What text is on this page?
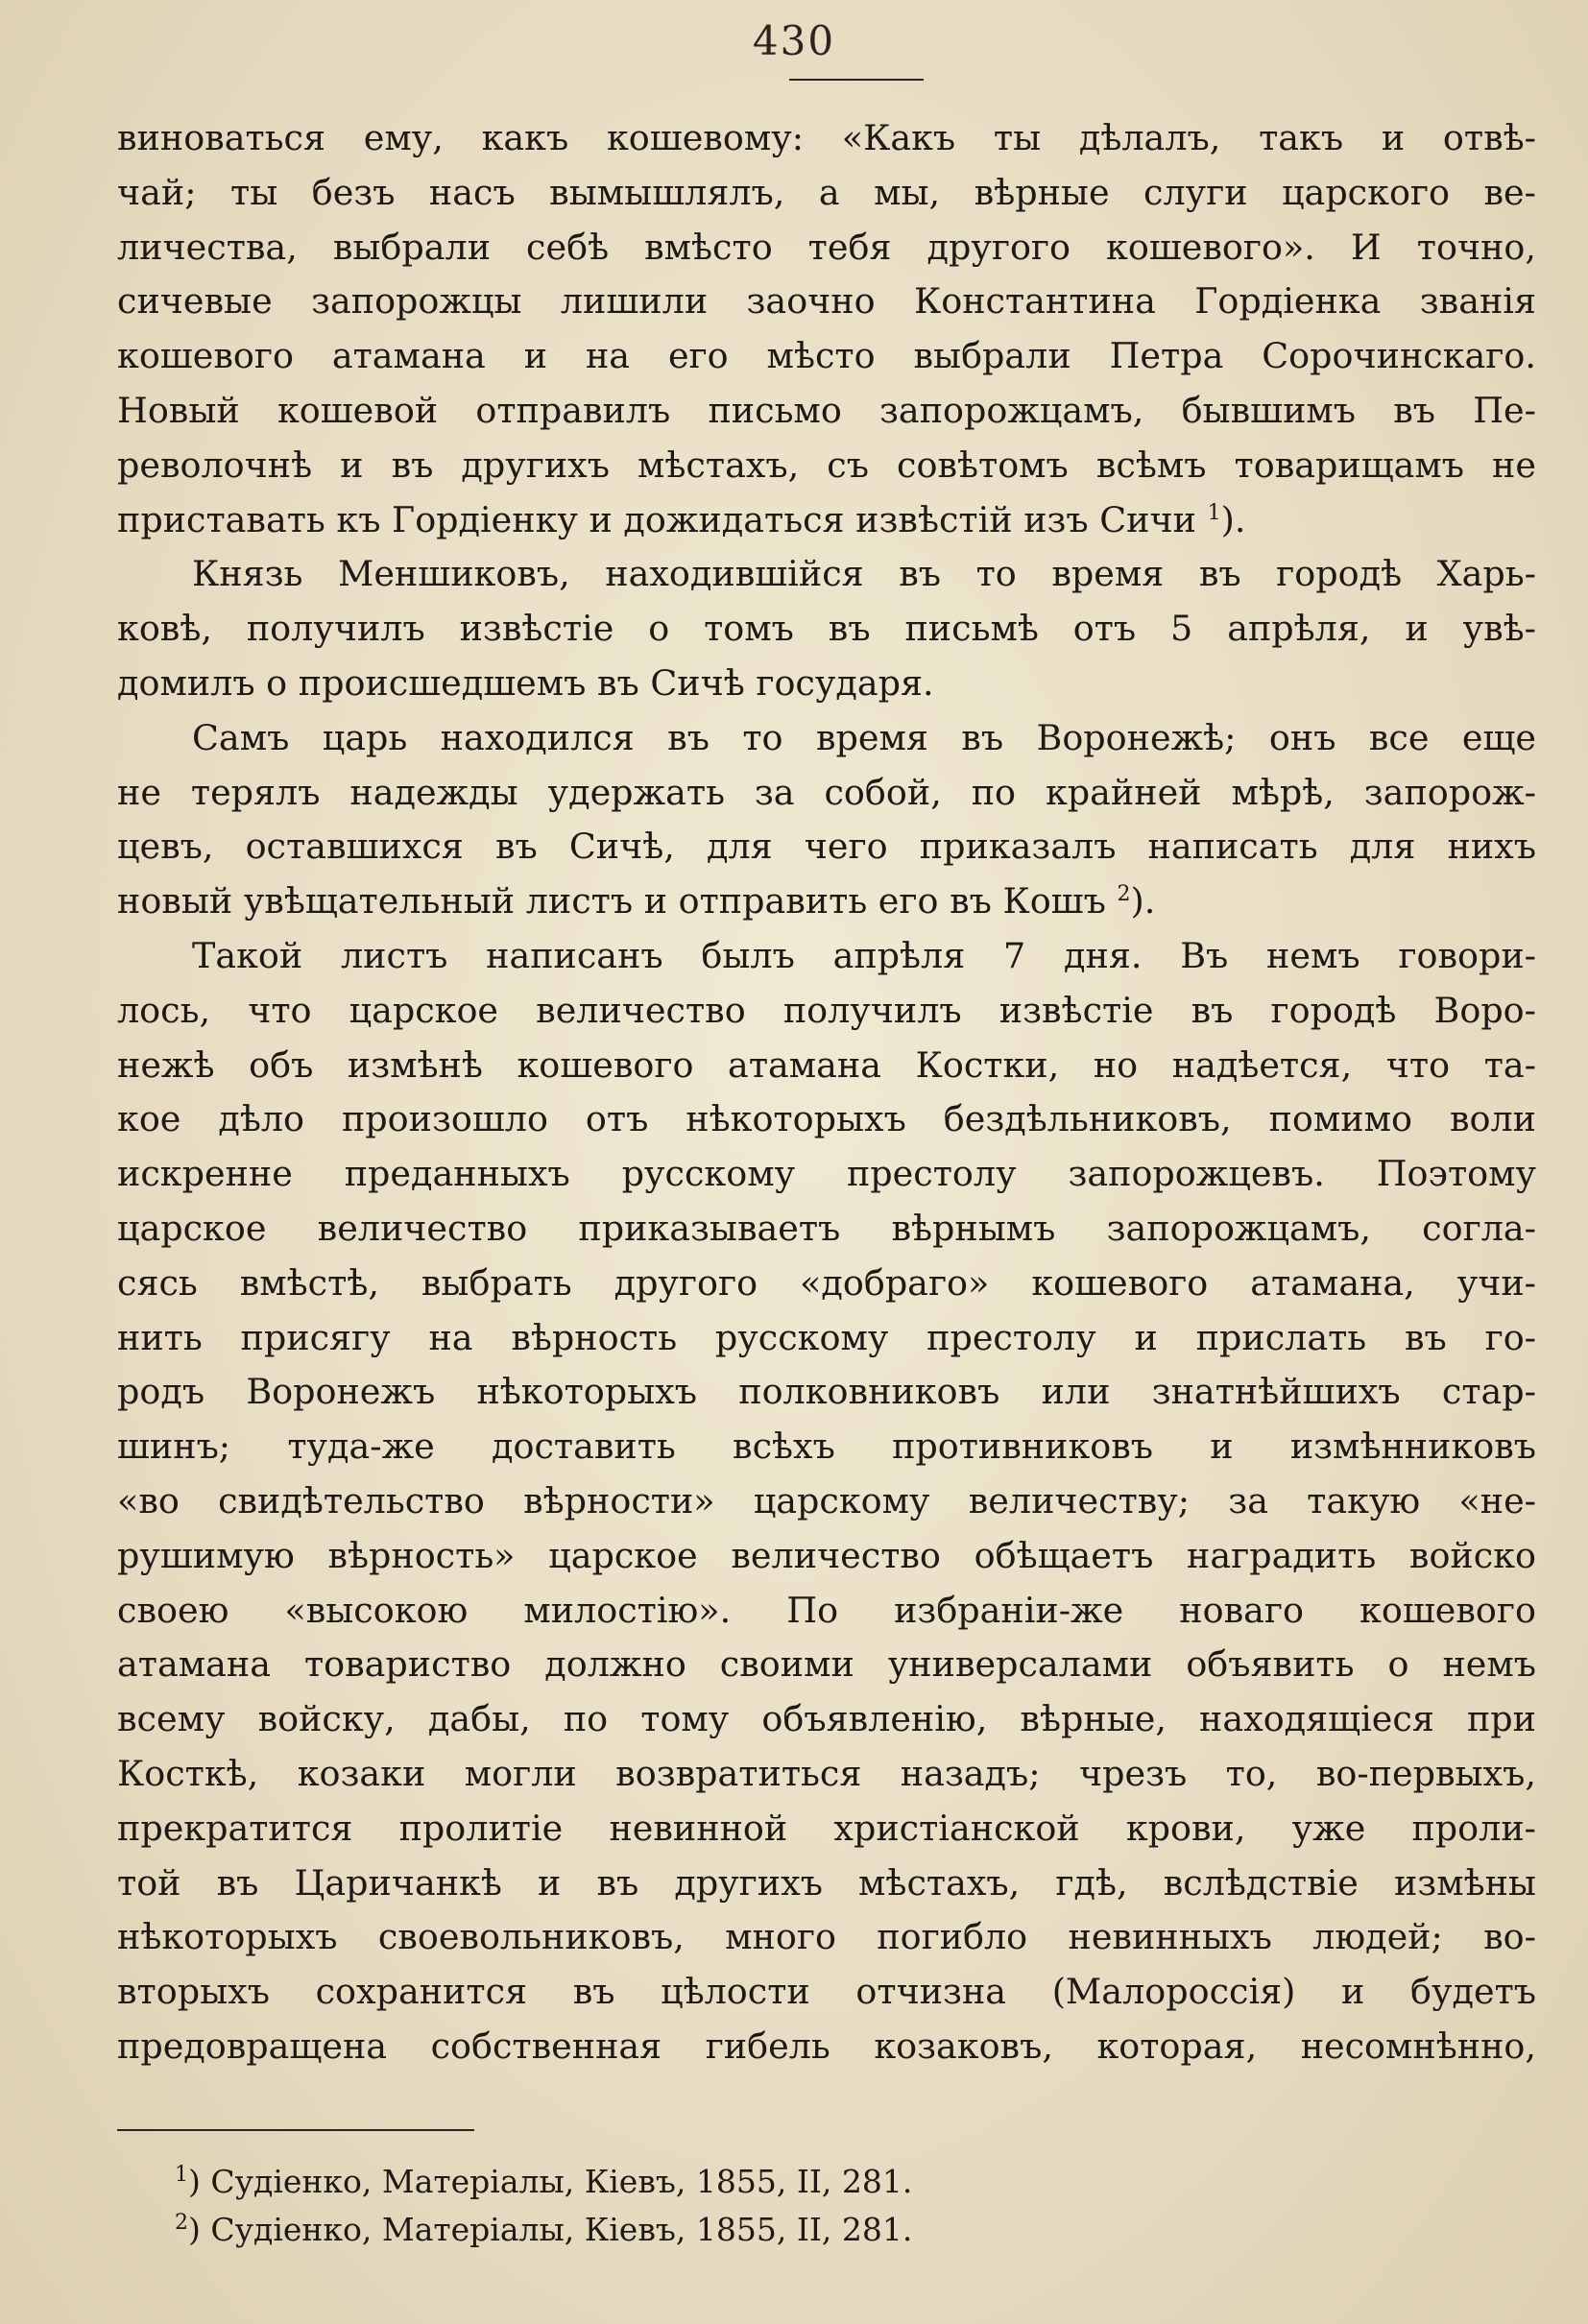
430
виноваться ему, какъ кошевому: «Какъ ты дѣлалъ, такъ и отвѣ-
чай; ты безъ насъ вымышлялъ, а мы, вѣрные слуги царского ве-
личества, выбрали себѣ вмѣсто тебя другого кошевого». И точно,
сичевые запорожцы лишили заочно Константина Гордіенка званія
кошевого атамана и на его мѣсто выбрали Петра Сорочинскаго.
Новый кошевой отправилъ письмо запорожцамъ, бывшимъ въ Пе-
револочнѣ и въ другихъ мѣстахъ, съ совѣтомъ всѣмъ товарищамъ не
приставать къ Гордіенку и дожидаться извѣстій изъ Сичи $^1$).
Князь Меншиковъ, находившійся въ то время въ городѣ Харь-
ковѣ, получилъ извѣстіе о томъ въ письмѣ отъ 5 апрѣля, и увѣ-
домилъ о происшедшемъ въ Сичѣ государя.
Самъ царь находился въ то время въ Воронежѣ; онъ все еще
не терялъ надежды удержать за собой, по крайней мѣрѣ, запорож-
цевъ, оставшихся въ Сичѣ, для чего приказалъ написать для нихъ
новый увѣщательный листъ и отправить его въ Кошъ $^2$).
Такой листъ написанъ былъ апрѣля 7 дня. Въ немъ говори-
лось, что царское величество получилъ извѣстіе въ городѣ Воро-
нежѣ объ измѣнѣ кошевого атамана Костки, но надѣется, что та-
кое дѣло произошло отъ нѣкоторыхъ бездѣльниковъ, помимо воли
искренне преданныхъ русскому престолу запорожцевъ. Поэтому
царское величество приказываетъ вѣрнымъ запорожцамъ, согла-
сясь вмѣстѣ, выбрать другого «добраго» кошевого атамана, учи-
нить присягу на вѣрность русскому престолу и прислать въ го-
родъ Воронежъ нѣкоторыхъ полковниковъ или знатнѣйшихъ стар-
шинъ; туда-же доставить всѣхъ противниковъ и измѣнниковъ
«во свидѣтельство вѣрности» царскому величеству; за такую «не-
рушимую вѣрность» царское величество обѣщаетъ наградить войско
своею «высокою милостію». По избраніи-же новаго кошевого
атамана товариство должно своими универсалами объявить о немъ
всему войску, дабы, по тому объявленію, вѣрные, находящіеся при
Косткѣ, козаки могли возвратиться назадъ; чрезъ то, во-первыхъ,
прекратится пролитіе невинной христіанской крови, уже проли-
той въ Царичанкѣ и въ другихъ мѣстахъ, гдѣ, вслѣдствіе измѣны
нѣкоторыхъ своевольниковъ, много погибло невинныхъ людей; во-
вторыхъ сохранится въ цѣлости отчизна (Малороссія) и будетъ
предовращена собственная гибель козаковъ, которая, несомнѣнно,
$^1$) Судіенко, Матеріалы, Кіевъ, 1855, II, 281.
$^2$) Судіенко, Матеріалы, Кіевъ, 1855, II, 281.
